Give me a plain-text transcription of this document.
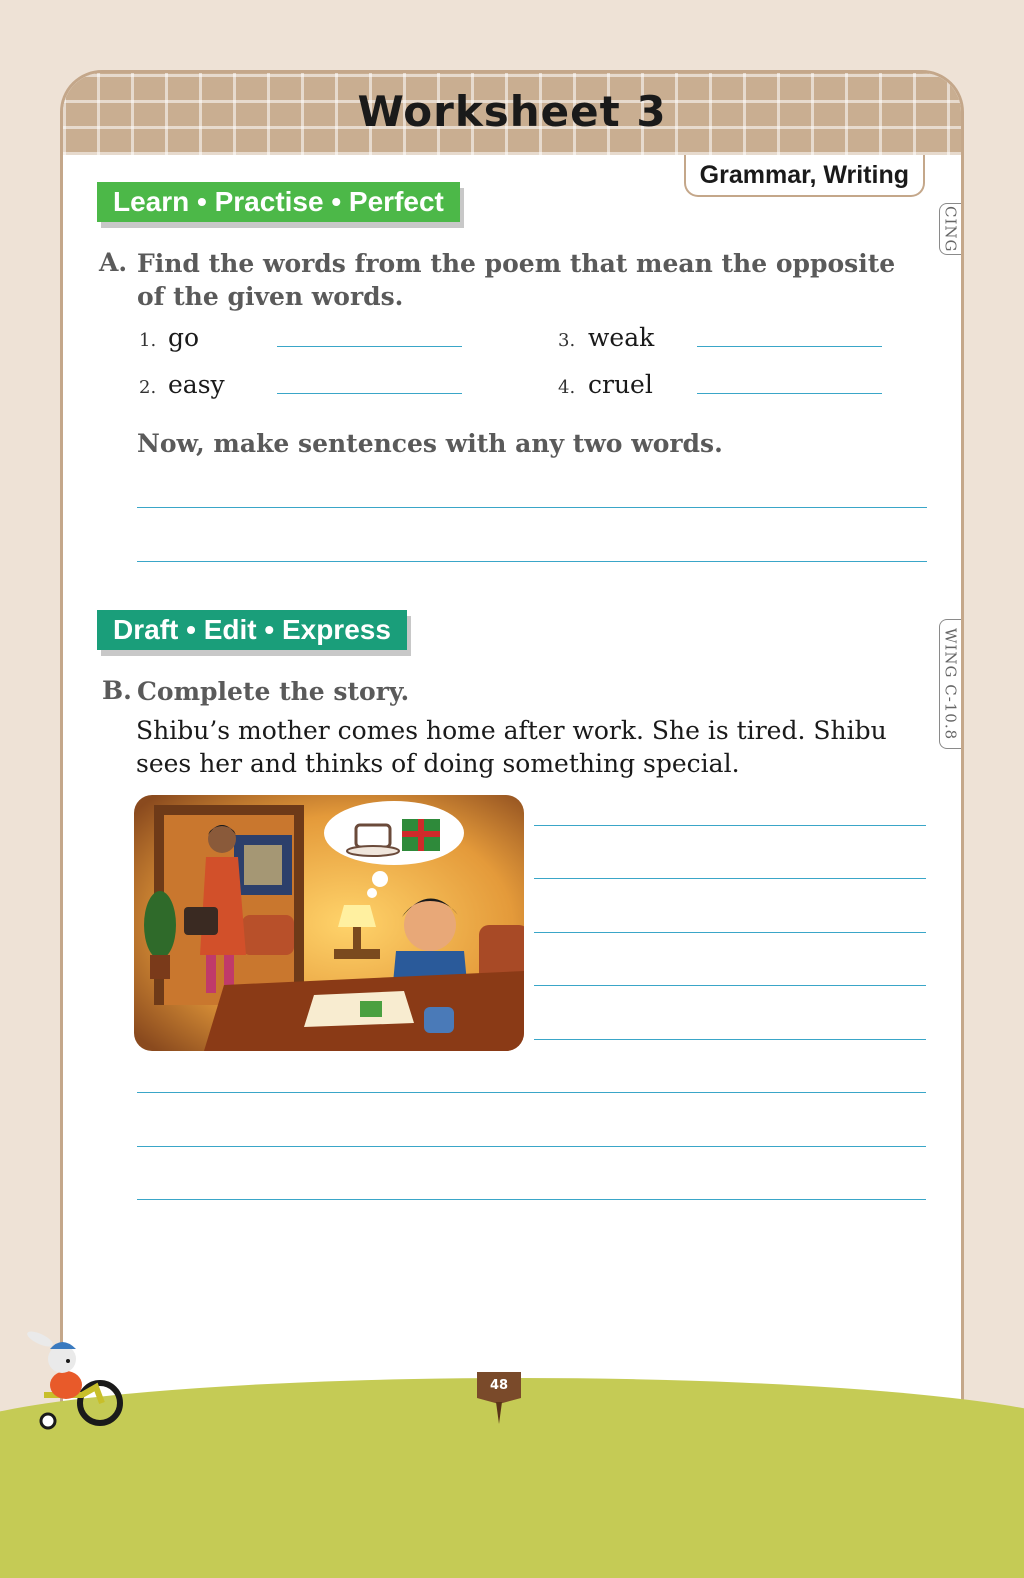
Worksheet 3
Grammar, Writing
CING
WING C-10.8
Learn • Practise • Perfect
A. Find the words from the poem that mean the opposite of the given words.
1. go
2. easy
3. weak
4. cruel
Now, make sentences with any two words.
Draft • Edit • Express
B. Complete the story.
Shibu’s mother comes home after work. She is tired. Shibu sees her and thinks of doing something special.
48
